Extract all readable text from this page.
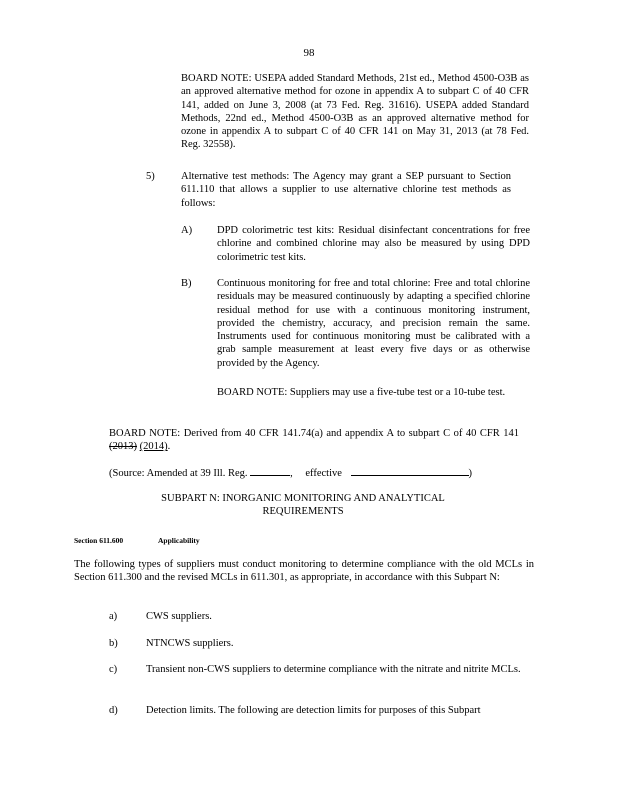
98
BOARD NOTE: USEPA added Standard Methods, 21st ed., Method 4500-O3B as an approved alternative method for ozone in appendix A to subpart C of 40 CFR 141, added on June 3, 2008 (at 73 Fed. Reg. 31616). USEPA added Standard Methods, 22nd ed., Method 4500-O3B as an approved alternative method for ozone in appendix A to subpart C of 40 CFR 141 on May 31, 2013 (at 78 Fed. Reg. 32558).
5)	Alternative test methods: The Agency may grant a SEP pursuant to Section 611.110 that allows a supplier to use alternative chlorine test methods as follows:
A) DPD colorimetric test kits: Residual disinfectant concentrations for free chlorine and combined chlorine may also be measured by using DPD colorimetric test kits.
B) Continuous monitoring for free and total chlorine: Free and total chlorine residuals may be measured continuously by adapting a specified chlorine residual method for use with a continuous monitoring instrument, provided the chemistry, accuracy, and precision remain the same. Instruments used for continuous monitoring must be calibrated with a grab sample measurement at least every five days or as otherwise provided by the Agency.
BOARD NOTE: Suppliers may use a five-tube test or a 10-tube test.
BOARD NOTE: Derived from 40 CFR 141.74(a) and appendix A to subpart C of 40 CFR 141 (2013) (2014).
(Source: Amended at 39 Ill. Reg.	, effective	)
SUBPART N: INORGANIC MONITORING AND ANALYTICAL
REQUIREMENTS
Section 611.600	Applicability
The following types of suppliers must conduct monitoring to determine compliance with the old MCLs in Section 611.300 and the revised MCLs in 611.301, as appropriate, in accordance with this Subpart N:
a)	CWS suppliers.
b)	NTNCWS suppliers.
c)	Transient non-CWS suppliers to determine compliance with the nitrate and nitrite MCLs.
d)	Detection limits. The following are detection limits for purposes of this Subpart
